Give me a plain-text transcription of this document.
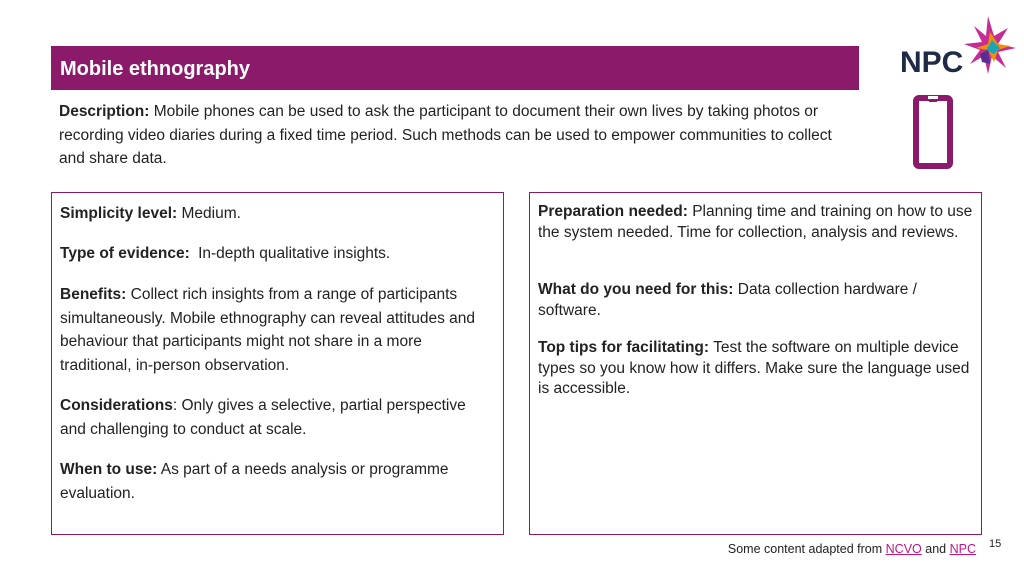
Mobile ethnography	NPC
Description: Mobile phones can be used to ask the participant to document their own lives by taking photos or recording video diaries during a fixed time period. Such methods can be used to empower communities to collect and share data.
Simplicity level: Medium.
Type of evidence: In-depth qualitative insights.
Benefits: Collect rich insights from a range of participants simultaneously. Mobile ethnography can reveal attitudes and behaviour that participants might not share in a more traditional, in-person observation.
Considerations: Only gives a selective, partial perspective and challenging to conduct at scale.
When to use: As part of a needs analysis or programme evaluation.
Preparation needed: Planning time and training on how to use the system needed. Time for collection, analysis and reviews.
What do you need for this: Data collection hardware / software.
Top tips for facilitating: Test the software on multiple device types so you know how it differs. Make sure the language used is accessible.
Some content adapted from NCVO and NPC 15
